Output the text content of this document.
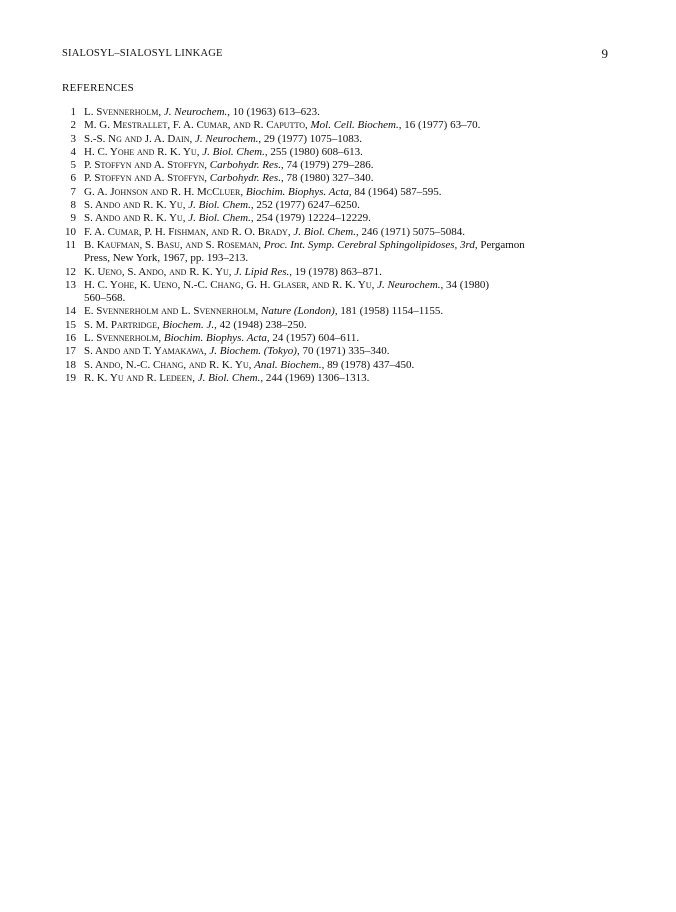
SIALOSYL–SIALOSYL LINKAGE	9
REFERENCES
1 L. Svennerholm, J. Neurochem., 10 (1963) 613–623.
2 M. G. Mestrallet, F. A. Cumar, and R. Caputto, Mol. Cell. Biochem., 16 (1977) 63–70.
3 S.-S. Ng and J. A. Dain, J. Neurochem., 29 (1977) 1075–1083.
4 H. C. Yohe and R. K. Yu, J. Biol. Chem., 255 (1980) 608–613.
5 P. Stoffyn and A. Stoffyn, Carbohydr. Res., 74 (1979) 279–286.
6 P. Stoffyn and A. Stoffyn, Carbohydr. Res., 78 (1980) 327–340.
7 G. A. Johnson and R. H. McCluer, Biochim. Biophys. Acta, 84 (1964) 587–595.
8 S. Ando and R. K. Yu, J. Biol. Chem., 252 (1977) 6247–6250.
9 S. Ando and R. K. Yu, J. Biol. Chem., 254 (1979) 12224–12229.
10 F. A. Cumar, P. H. Fishman, and R. O. Brady, J. Biol. Chem., 246 (1971) 5075–5084.
11 B. Kaufman, S. Basu, and S. Roseman, Proc. Int. Symp. Cerebral Sphingolipidoses, 3rd, Pergamon
Press, New York, 1967, pp. 193–213.
12 K. Ueno, S. Ando, and R. K. Yu, J. Lipid Res., 19 (1978) 863–871.
13 H. C. Yohe, K. Ueno, N.-C. Chang, G. H. Glaser, and R. K. Yu, J. Neurochem., 34 (1980)
560–568.
14 E. Svennerholm and L. Svennerholm, Nature (London), 181 (1958) 1154–1155.
15 S. M. Partridge, Biochem. J., 42 (1948) 238–250.
16 L. Svennerholm, Biochim. Biophys. Acta, 24 (1957) 604–611.
17 S. Ando and T. Yamakawa, J. Biochem. (Tokyo), 70 (1971) 335–340.
18 S. Ando, N.-C. Chang, and R. K. Yu, Anal. Biochem., 89 (1978) 437–450.
19 R. K. Yu and R. Ledeen, J. Biol. Chem., 244 (1969) 1306–1313.
